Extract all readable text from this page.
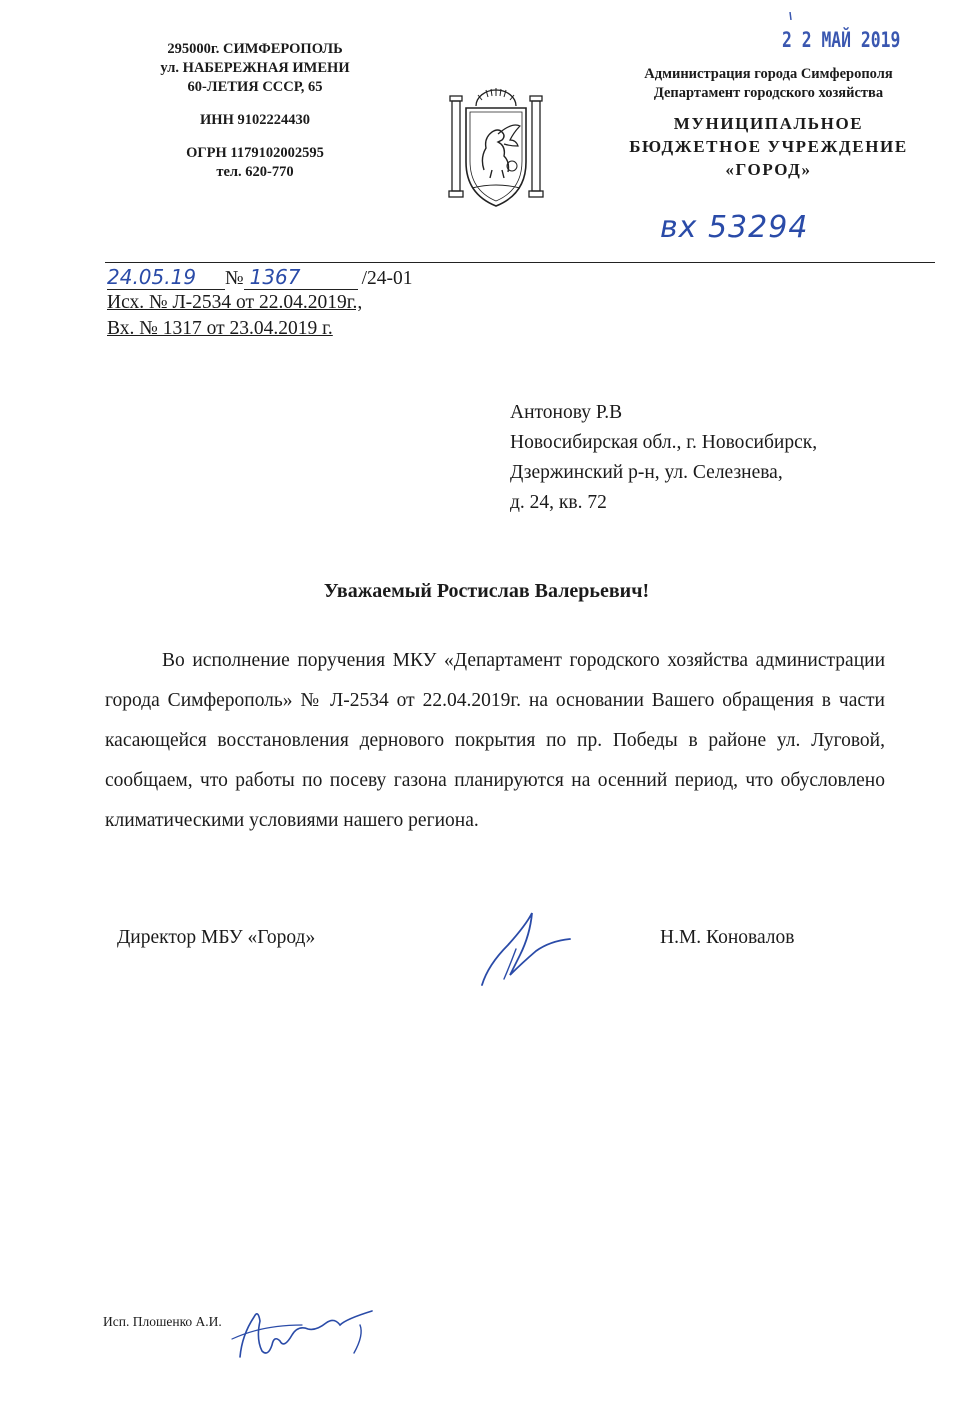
295000г. СИМФЕРОПОЛЬ
ул. НАБЕРЕЖНАЯ ИМЕНИ
60-ЛЕТИЯ СССР, 65
ИНН 9102224430
ОГРН 1179102002595
тел. 620-770
2 2 МАЙ 2019
Администрация города Симферополя
Департамент городского хозяйства
МУНИЦИПАЛЬНОЕ
БЮДЖЕТНОЕ УЧРЕЖДЕНИЕ
«ГОРОД»
вх 53294
24.05.19 № 1367	/24-01
Исх. № Л-2534 от 22.04.2019г.,
Вх. № 1317 от 23.04.2019 г.
Антонову Р.В
Новосибирская обл., г. Новосибирск,
Дзержинский р-н, ул. Селезнева,
д. 24, кв. 72
Уважаемый Ростислав Валерьевич!

Во исполнение поручения МКУ «Департамент городского хозяйства администрации города Симферополь» № Л-2534 от 22.04.2019г. на основании Вашего обращения в части касающейся восстановления дернового покрытия по пр. Победы в районе ул. Луговой, сообщаем, что работы по посеву газона планируются на осенний период, что обусловлено климатическими условиями нашего региона.

Директор МБУ «Город»	Н.М. Коновалов
Исп. Плошенко А.И.
